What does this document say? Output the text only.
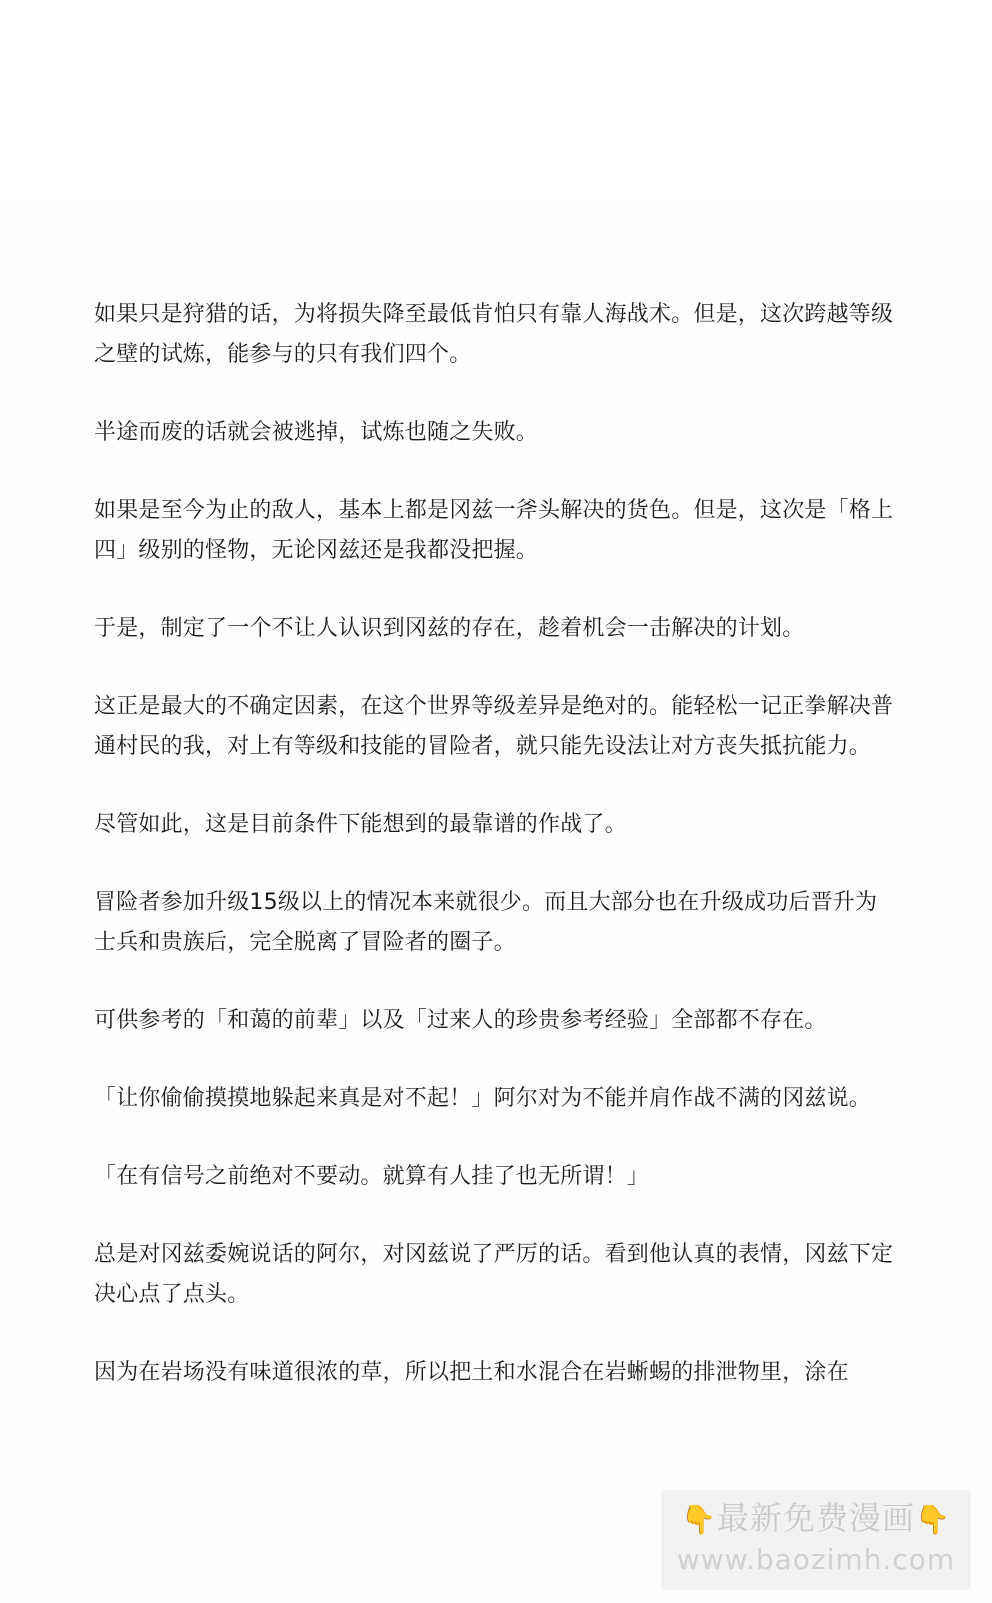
如果只是狩猎的话，为将损失降至最低肯怕只有靠人海战术。但是，这次跨越等级之壁的试炼，能参与的只有我们四个。

半途而废的话就会被逃掉，试炼也随之失败。

如果是至今为止的敌人，基本上都是冈兹一斧头解决的货色。但是，这次是「格上四」级别的怪物，无论冈兹还是我都没把握。

于是，制定了一个不让人认识到冈兹的存在，趁着机会一击解决的计划。

这正是最大的不确定因素，在这个世界等级差异是绝对的。能轻松一记正拳解决普通村民的我，对上有等级和技能的冒险者，就只能先设法让对方丧失抵抗能力。

尽管如此，这是目前条件下能想到的最靠谱的作战了。

冒险者参加升级15级以上的情况本来就很少。而且大部分也在升级成功后晋升为士兵和贵族后，完全脱离了冒险者的圈子。

可供参考的「和蔼的前辈」以及「过来人的珍贵参考经验」全部都不存在。

「让你偷偷摸摸地躲起来真是对不起！」阿尔对为不能并肩作战不满的冈兹说。

「在有信号之前绝对不要动。就算有人挂了也无所谓！」

总是对冈兹委婉说话的阿尔，对冈兹说了严厉的话。看到他认真的表情，冈兹下定决心点了点头。

因为在岩场没有味道很浓的草，所以把土和水混合在岩蜥蜴的排泄物里，涂在

👇最新免费漫画👇
www.baozimh.com
